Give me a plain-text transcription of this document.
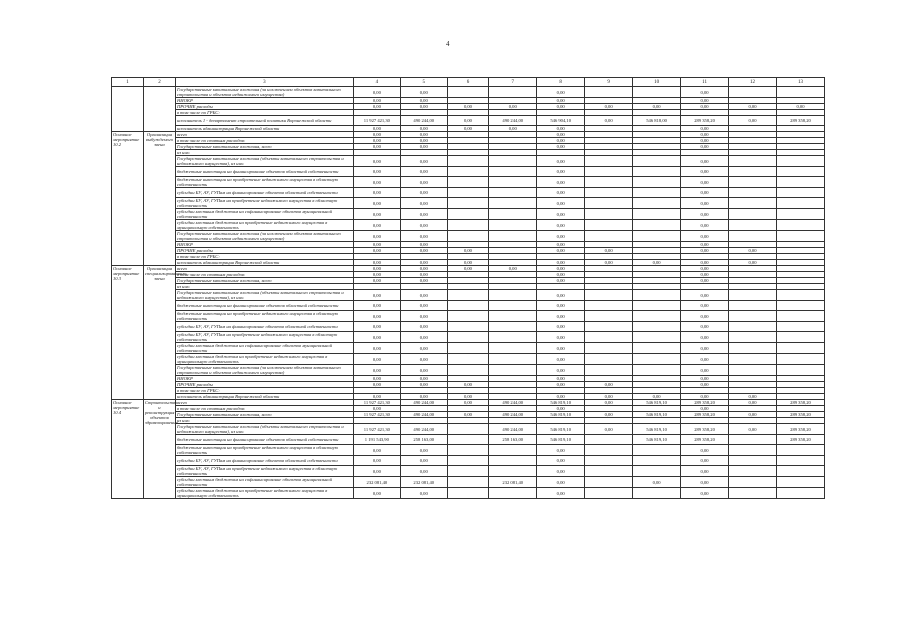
4
1	2	3	4	5	6	7	8	9	10	11	12	13
		Государственные капитальные вложения (за исключением объектов капитального строительства и объектов недвижимого имущества)	0,00	0,00			0,00			0,00		
		НИОКР	0,00	0,00			0,00			0,00		
		ПРОЧИЕ расходы	0,00	0,00	0,00	0,00	0,00	0,00	0,00	0,00	0,00	0,00
		в том числе по ГРБС:										
		исполнитель 1 - департамент строительной политики Воронежской области	11 927 421,30	490 244,00	0,00	490 244,00	546 904,10	0,00	546 818,00	289 358,20	0,00	289 358,20
		исполнитель администрация Воронежской области	0,00	0,00	0,00	0,00	0,00			0,00		
Основное мероприятие 10.2	Организация выбуждемого звена	всего	0,00	0,00			0,00			0,00		
		в том числе по статьям расходов:	0,00	0,00			0,00			0,00		
		Государственные капитальные вложения, всего	0,00	0,00			0,00			0,00		
		из них:										
		Государственные капитальные вложения (объекты капитального строительства и недвижимого имущества), из них:	0,00	0,00			0,00			0,00		
		бюджетные инвестиции на финансирование объектов областной собственности	0,00	0,00			0,00			0,00		
		бюджетные инвестиции на приобретение недвижимого имущества в областную собственность	0,00	0,00			0,00			0,00		
		субсидии БУ, АУ, ГУПам на финансирование объектов областной собственности	0,00	0,00			0,00			0,00		
		субсидии БУ, АУ, ГУПам на приобретение недвижимого имущества в областную собственность	0,00	0,00			0,00			0,00		
		субсидии местным бюджетам на софинансирование объектов муниципальной собственности	0,00	0,00			0,00			0,00		
		субсидии местным бюджетам на приобретение недвижимого имущества в муниципальную собственность	0,00	0,00			0,00			0,00		
		Государственные капитальные вложения (за исключением объектов капитального строительства и объектов недвижимого имущества)	0,00	0,00			0,00			0,00		
		НИОКР	0,00	0,00			0,00			0,00		
		ПРОЧИЕ расходы	0,00	0,00	0,00		0,00	0,00		0,00	0,00	
		в том числе по ГРБС:										
		исполнитель администрация Воронежской области	0,00	0,00	0,00		0,00	0,00	0,00	0,00	0,00	
Основное мероприятие 10.3	Организация специализированного звена	всего	0,00	0,00	0,00	0,00	0,00			0,00		
		в том числе по статьям расходов:	0,00	0,00			0,00			0,00		
		Государственные капитальные вложения, всего	0,00	0,00			0,00			0,00		
		из них:										
		Государственные капитальные вложения (объекты капитального строительства и недвижимого имущества), из них:	0,00	0,00			0,00			0,00		
		бюджетные инвестиции на финансирование объектов областной собственности	0,00	0,00			0,00			0,00		
		бюджетные инвестиции на приобретение недвижимого имущества в областную собственность	0,00	0,00			0,00			0,00		
		субсидии БУ, АУ, ГУПам на финансирование объектов областной собственности	0,00	0,00			0,00			0,00		
		субсидии БУ, АУ, ГУПам на приобретение недвижимого имущества в областную собственность	0,00	0,00			0,00			0,00		
		субсидии местным бюджетам на софинансирование объектов муниципальной собственности	0,00	0,00			0,00			0,00		
		субсидии местным бюджетам на приобретение недвижимого имущества в муниципальную собственность	0,00	0,00			0,00			0,00		
		Государственные капитальные вложения (за исключением объектов капитального строительства и объектов недвижимого имущества)	0,00	0,00			0,00			0,00		
		НИОКР	0,00	0,00			0,00			0,00		
		ПРОЧИЕ расходы	0,00	0,00	0,00		0,00	0,00		0,00		
		в том числе по ГРБС:										
		исполнитель администрация Воронежской области	0,00	0,00	0,00		0,00	0,00	0,00	0,00	0,00	
Основное мероприятие 10.4	Строительство и реконструкция объектов здравоохранения	всего	11 927 421,30	490 244,00	0,00	490 244,00	546 819,10	0,00	546 819,10	289 358,20	0,00	289 358,20
		в том числе по статьям расходов:	0,00				0,00			0,00		
		Государственные капитальные вложения, всего	11 927 421,30	490 244,00	0,00	490 244,00	546 819,10	0,00	546 819,10	289 358,20	0,00	289 358,20
		из них:										
		Государственные капитальные вложения (объекты капитального строительства и недвижимого имущества), из них:	11 927 421,30	490 244,00		490 244,00	546 819,10	0,00	546 819,10	289 358,20	0,00	289 358,20
		бюджетные инвестиции на финансирование объектов областной собственности	1 191 543,90	258 163,00		258 163,00	546 819,10		546 819,10	289 358,20		289 358,20
		бюджетные инвестиции на приобретение недвижимого имущества в областную собственность	0,00	0,00			0,00			0,00		
		субсидии БУ, АУ, ГУПам на финансирование объектов областной собственности	0,00	0,00			0,00			0,00		
		субсидии БУ, АУ, ГУПам на приобретение недвижимого имущества в областную собственность	0,00	0,00			0,00			0,00		
		субсидии местным бюджетам на софинансирование объектов муниципальной собственности	232 081,40	232 081,40		232 081,40	0,00		0,00	0,00		
		субсидии местным бюджетам на приобретение недвижимого имущества в муниципальную собственность	0,00	0,00			0,00			0,00		
